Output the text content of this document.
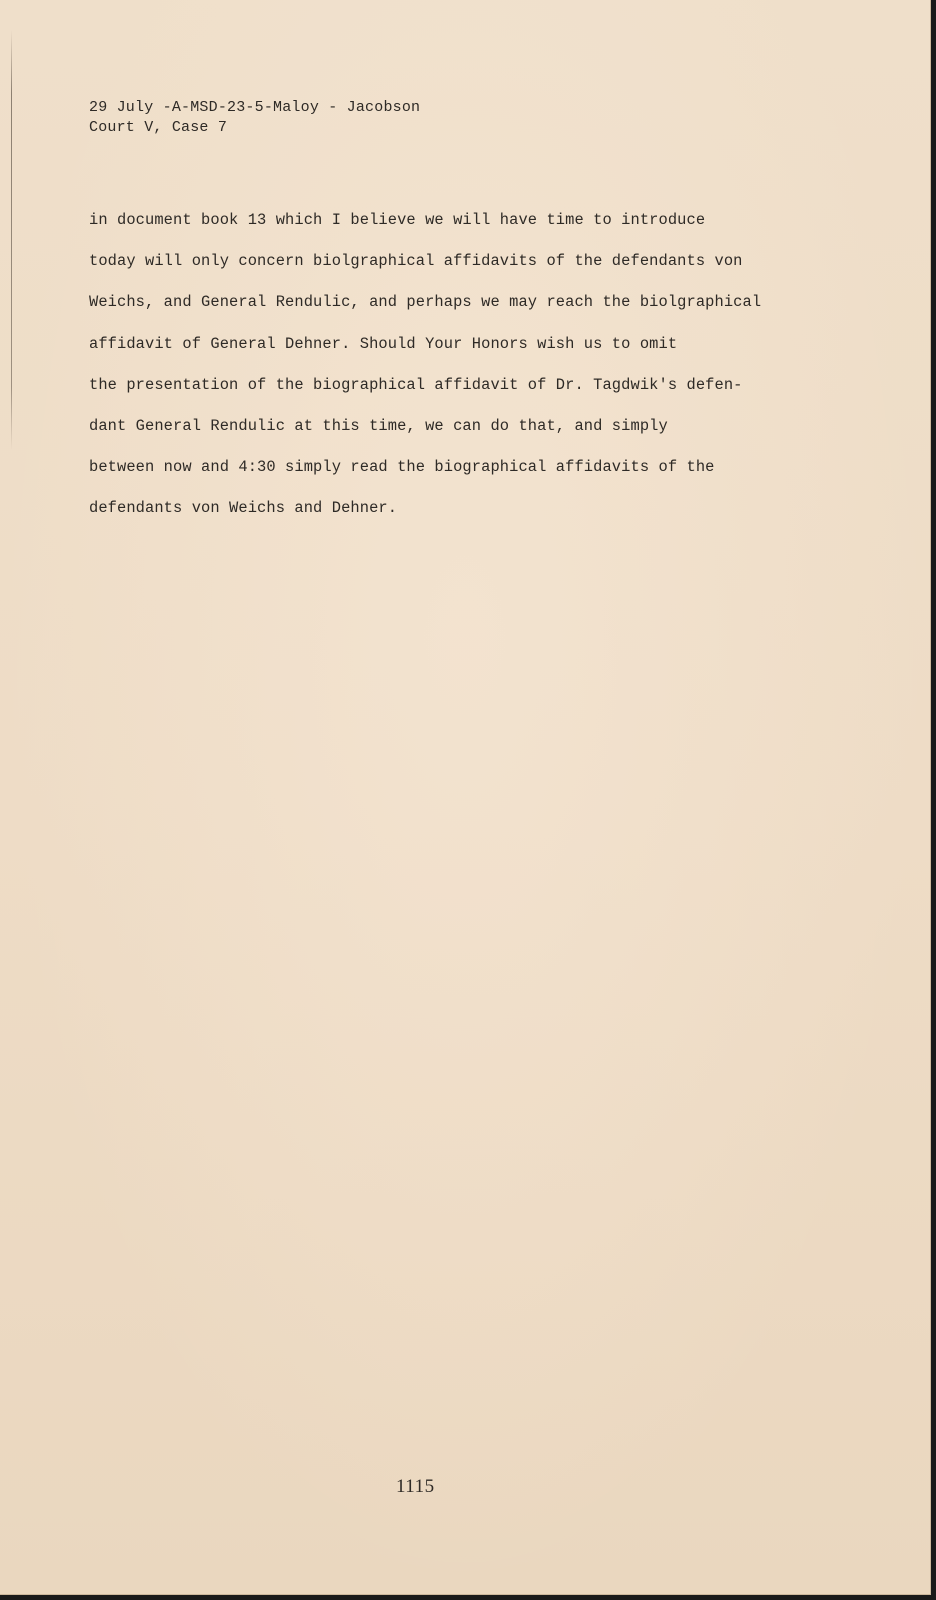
29 July -A-MSD-23-5-Maloy - Jacobson
Court V, Case 7
in document book 13 which I believe we will have time to introduce
today will only concern biolgraphical affidavits of the defendants von
Weichs, and General Rendulic, and perhaps we may reach the biolgraphical
affidavit of General Dehner. Should Your Honors wish us to omit
the presentation of the biographical affidavit of Dr. Tagdwik's defen-
dant General Rendulic at this time, we can do that, and simply
between now and 4:30 simply read the biographical affidavits of the
defendants von Weichs and Dehner.
1115
